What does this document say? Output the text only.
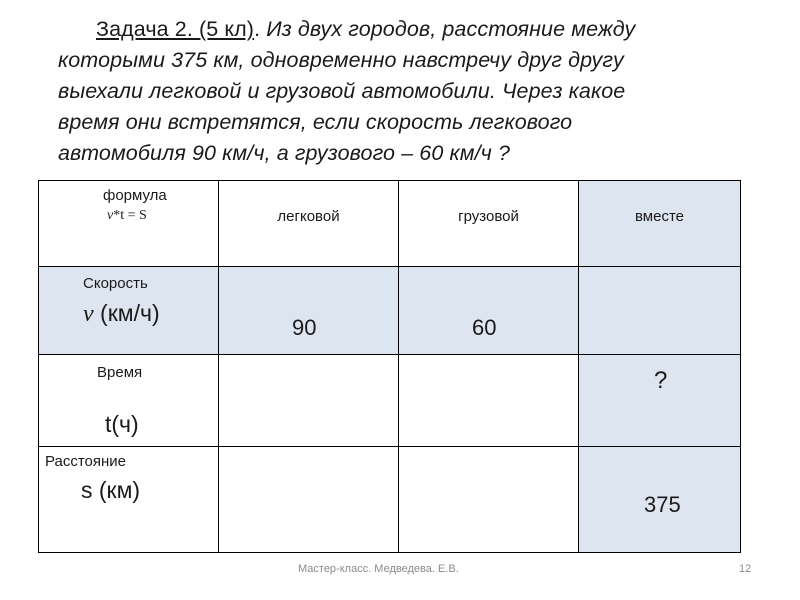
Задача 2. (5 кл). Из двух городов, расстояние между
которыми 375 км, одновременно навстречу друг другу
выехали легковой и грузовой автомобили. Через какое
время они встретятся, если скорость легкового
автомобиля 90 км/ч, а грузового – 60 км/ч ?
формула
v*t = S	легковой	грузовой	вместе

Скорость
v (км/ч)	90	60	

Время
t(ч)			?

Расстояние
s (км)			375
Мастер-класс. Медведева. Е.В.	12
